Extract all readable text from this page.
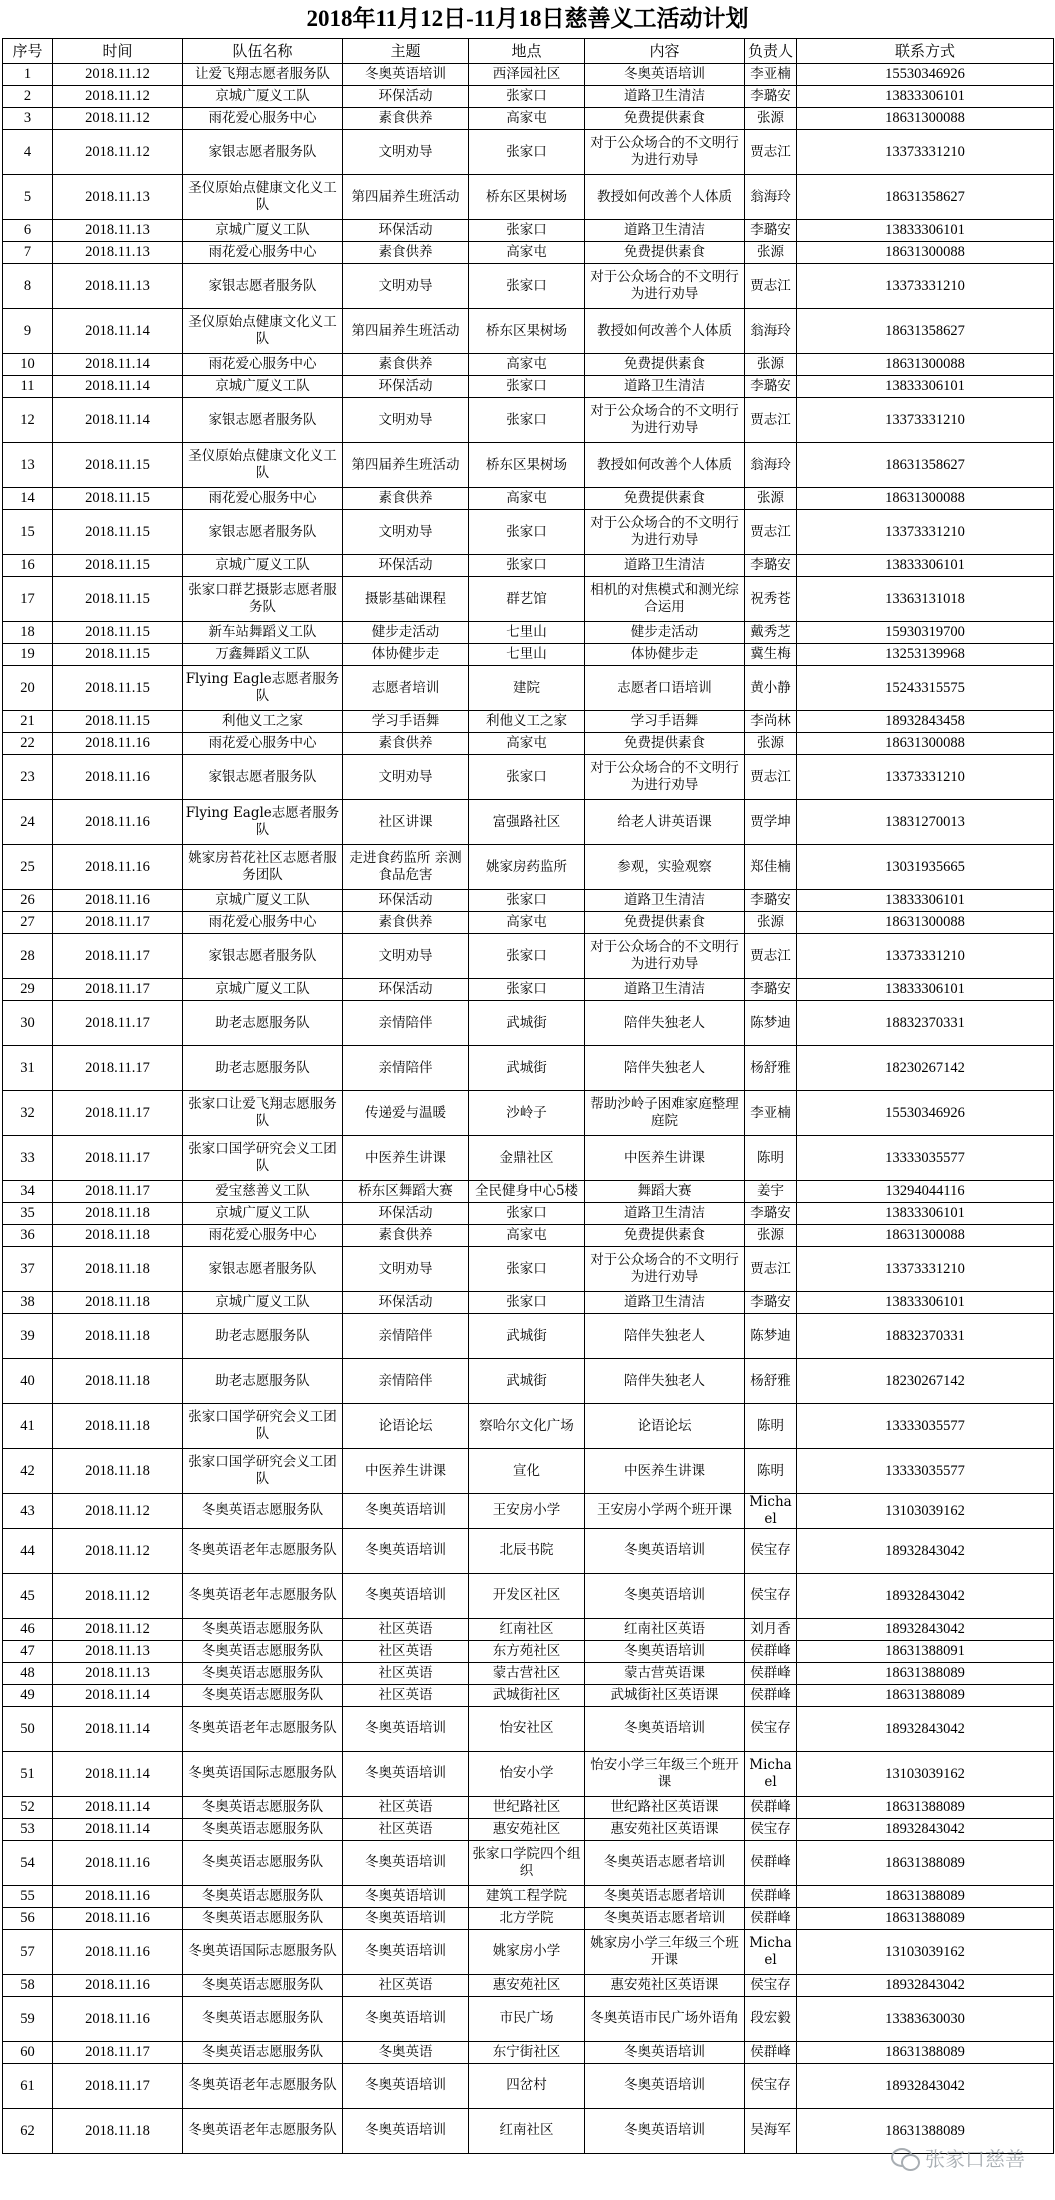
2018年11月12日-11月18日慈善义工活动计划
序号	时间	队伍名称	主题	地点	内容	负责人	联系方式
1	2018.11.12	让爱飞翔志愿者服务队	冬奥英语培训	西泽园社区	冬奥英语培训	李亚楠	15530346926
2	2018.11.12	京城广厦义工队	环保活动	张家口	道路卫生清洁	李璐安	13833306101
3	2018.11.12	雨花爱心服务中心	素食供养	高家屯	免费提供素食	张源	18631300088
4	2018.11.12	家银志愿者服务队	文明劝导	张家口	对于公众场合的不文明行为进行劝导	贾志江	13373331210
5	2018.11.13	圣仪原始点健康文化义工队	第四届养生班活动	桥东区果树场	教授如何改善个人体质	翁海玲	18631358627
6	2018.11.13	京城广厦义工队	环保活动	张家口	道路卫生清洁	李璐安	13833306101
7	2018.11.13	雨花爱心服务中心	素食供养	高家屯	免费提供素食	张源	18631300088
8	2018.11.13	家银志愿者服务队	文明劝导	张家口	对于公众场合的不文明行为进行劝导	贾志江	13373331210
9	2018.11.14	圣仪原始点健康文化义工队	第四届养生班活动	桥东区果树场	教授如何改善个人体质	翁海玲	18631358627
10	2018.11.14	雨花爱心服务中心	素食供养	高家屯	免费提供素食	张源	18631300088
11	2018.11.14	京城广厦义工队	环保活动	张家口	道路卫生清洁	李璐安	13833306101
12	2018.11.14	家银志愿者服务队	文明劝导	张家口	对于公众场合的不文明行为进行劝导	贾志江	13373331210
13	2018.11.15	圣仪原始点健康文化义工队	第四届养生班活动	桥东区果树场	教授如何改善个人体质	翁海玲	18631358627
14	2018.11.15	雨花爱心服务中心	素食供养	高家屯	免费提供素食	张源	18631300088
15	2018.11.15	家银志愿者服务队	文明劝导	张家口	对于公众场合的不文明行为进行劝导	贾志江	13373331210
16	2018.11.15	京城广厦义工队	环保活动	张家口	道路卫生清洁	李璐安	13833306101
17	2018.11.15	张家口群艺摄影志愿者服务队	摄影基础课程	群艺馆	相机的对焦模式和测光综合运用	祝秀苍	13363131018
18	2018.11.15	新车站舞蹈义工队	健步走活动	七里山	健步走活动	戴秀芝	15930319700
19	2018.11.15	万鑫舞蹈义工队	体协健步走	七里山	体协健步走	冀生梅	13253139968
20	2018.11.15	Flying Eagle志愿者服务队	志愿者培训	建院	志愿者口语培训	黄小静	15243315575
21	2018.11.15	利他义工之家	学习手语舞	利他义工之家	学习手语舞	李尚林	18932843458
22	2018.11.16	雨花爱心服务中心	素食供养	高家屯	免费提供素食	张源	18631300088
23	2018.11.16	家银志愿者服务队	文明劝导	张家口	对于公众场合的不文明行为进行劝导	贾志江	13373331210
24	2018.11.16	Flying Eagle志愿者服务队	社区讲课	富强路社区	给老人讲英语课	贾学坤	13831270013
25	2018.11.16	姚家房苔花社区志愿者服务团队	走进食药监所 亲测食品危害	姚家房药监所	参观，实验观察	郑佳楠	13031935665
26	2018.11.16	京城广厦义工队	环保活动	张家口	道路卫生清洁	李璐安	13833306101
27	2018.11.17	雨花爱心服务中心	素食供养	高家屯	免费提供素食	张源	18631300088
28	2018.11.17	家银志愿者服务队	文明劝导	张家口	对于公众场合的不文明行为进行劝导	贾志江	13373331210
29	2018.11.17	京城广厦义工队	环保活动	张家口	道路卫生清洁	李璐安	13833306101
30	2018.11.17	助老志愿服务队	亲情陪伴	武城街	陪伴失独老人	陈梦迪	18832370331
31	2018.11.17	助老志愿服务队	亲情陪伴	武城街	陪伴失独老人	杨舒雅	18230267142
32	2018.11.17	张家口让爱飞翔志愿服务队	传递爱与温暖	沙岭子	帮助沙岭子困难家庭整理庭院	李亚楠	15530346926
33	2018.11.17	张家口国学研究会义工团队	中医养生讲课	金鼎社区	中医养生讲课	陈明	13333035577
34	2018.11.17	爱宝慈善义工队	桥东区舞蹈大赛	全民健身中心5楼	舞蹈大赛	姜宇	13294044116
35	2018.11.18	京城广厦义工队	环保活动	张家口	道路卫生清洁	李璐安	13833306101
36	2018.11.18	雨花爱心服务中心	素食供养	高家屯	免费提供素食	张源	18631300088
37	2018.11.18	家银志愿者服务队	文明劝导	张家口	对于公众场合的不文明行为进行劝导	贾志江	13373331210
38	2018.11.18	京城广厦义工队	环保活动	张家口	道路卫生清洁	李璐安	13833306101
39	2018.11.18	助老志愿服务队	亲情陪伴	武城街	陪伴失独老人	陈梦迪	18832370331
40	2018.11.18	助老志愿服务队	亲情陪伴	武城街	陪伴失独老人	杨舒雅	18230267142
41	2018.11.18	张家口国学研究会义工团队	论语论坛	察哈尔文化广场	论语论坛	陈明	13333035577
42	2018.11.18	张家口国学研究会义工团队	中医养生讲课	宣化	中医养生讲课	陈明	13333035577
43	2018.11.12	冬奥英语志愿服务队	冬奥英语培训	王安房小学	王安房小学两个班开课	Michael	13103039162
44	2018.11.12	冬奥英语老年志愿服务队	冬奥英语培训	北辰书院	冬奥英语培训	侯宝存	18932843042
45	2018.11.12	冬奥英语老年志愿服务队	冬奥英语培训	开发区社区	冬奥英语培训	侯宝存	18932843042
46	2018.11.12	冬奥英语志愿服务队	社区英语	红南社区	红南社区英语	刘月香	18932843042
47	2018.11.13	冬奥英语志愿服务队	社区英语	东方苑社区	冬奥英语培训	侯群峰	18631388091
48	2018.11.13	冬奥英语志愿服务队	社区英语	蒙古营社区	蒙古营英语课	侯群峰	18631388089
49	2018.11.14	冬奥英语志愿服务队	社区英语	武城街社区	武城街社区英语课	侯群峰	18631388089
50	2018.11.14	冬奥英语老年志愿服务队	冬奥英语培训	怡安社区	冬奥英语培训	侯宝存	18932843042
51	2018.11.14	冬奥英语国际志愿服务队	冬奥英语培训	怡安小学	怡安小学三年级三个班开课	Michael	13103039162
52	2018.11.14	冬奥英语志愿服务队	社区英语	世纪路社区	世纪路社区英语课	侯群峰	18631388089
53	2018.11.14	冬奥英语志愿服务队	社区英语	惠安苑社区	惠安苑社区英语课	侯宝存	18932843042
54	2018.11.16	冬奥英语志愿服务队	冬奥英语培训	张家口学院四个组织	冬奥英语志愿者培训	侯群峰	18631388089
55	2018.11.16	冬奥英语志愿服务队	冬奥英语培训	建筑工程学院	冬奥英语志愿者培训	侯群峰	18631388089
56	2018.11.16	冬奥英语志愿服务队	冬奥英语培训	北方学院	冬奥英语志愿者培训	侯群峰	18631388089
57	2018.11.16	冬奥英语国际志愿服务队	冬奥英语培训	姚家房小学	姚家房小学三年级三个班开课	Michael	13103039162
58	2018.11.16	冬奥英语志愿服务队	社区英语	惠安苑社区	惠安苑社区英语课	侯宝存	18932843042
59	2018.11.16	冬奥英语志愿服务队	冬奥英语培训	市民广场	冬奥英语市民广场外语角	段宏毅	13383630030
60	2018.11.17	冬奥英语志愿服务队	冬奥英语	东宁街社区	冬奥英语培训	侯群峰	18631388089
61	2018.11.17	冬奥英语老年志愿服务队	冬奥英语培训	四岔村	冬奥英语培训	侯宝存	18932843042
62	2018.11.18	冬奥英语老年志愿服务队	冬奥英语培训	红南社区	冬奥英语培训	吴海军	18631388089
张家口慈善
